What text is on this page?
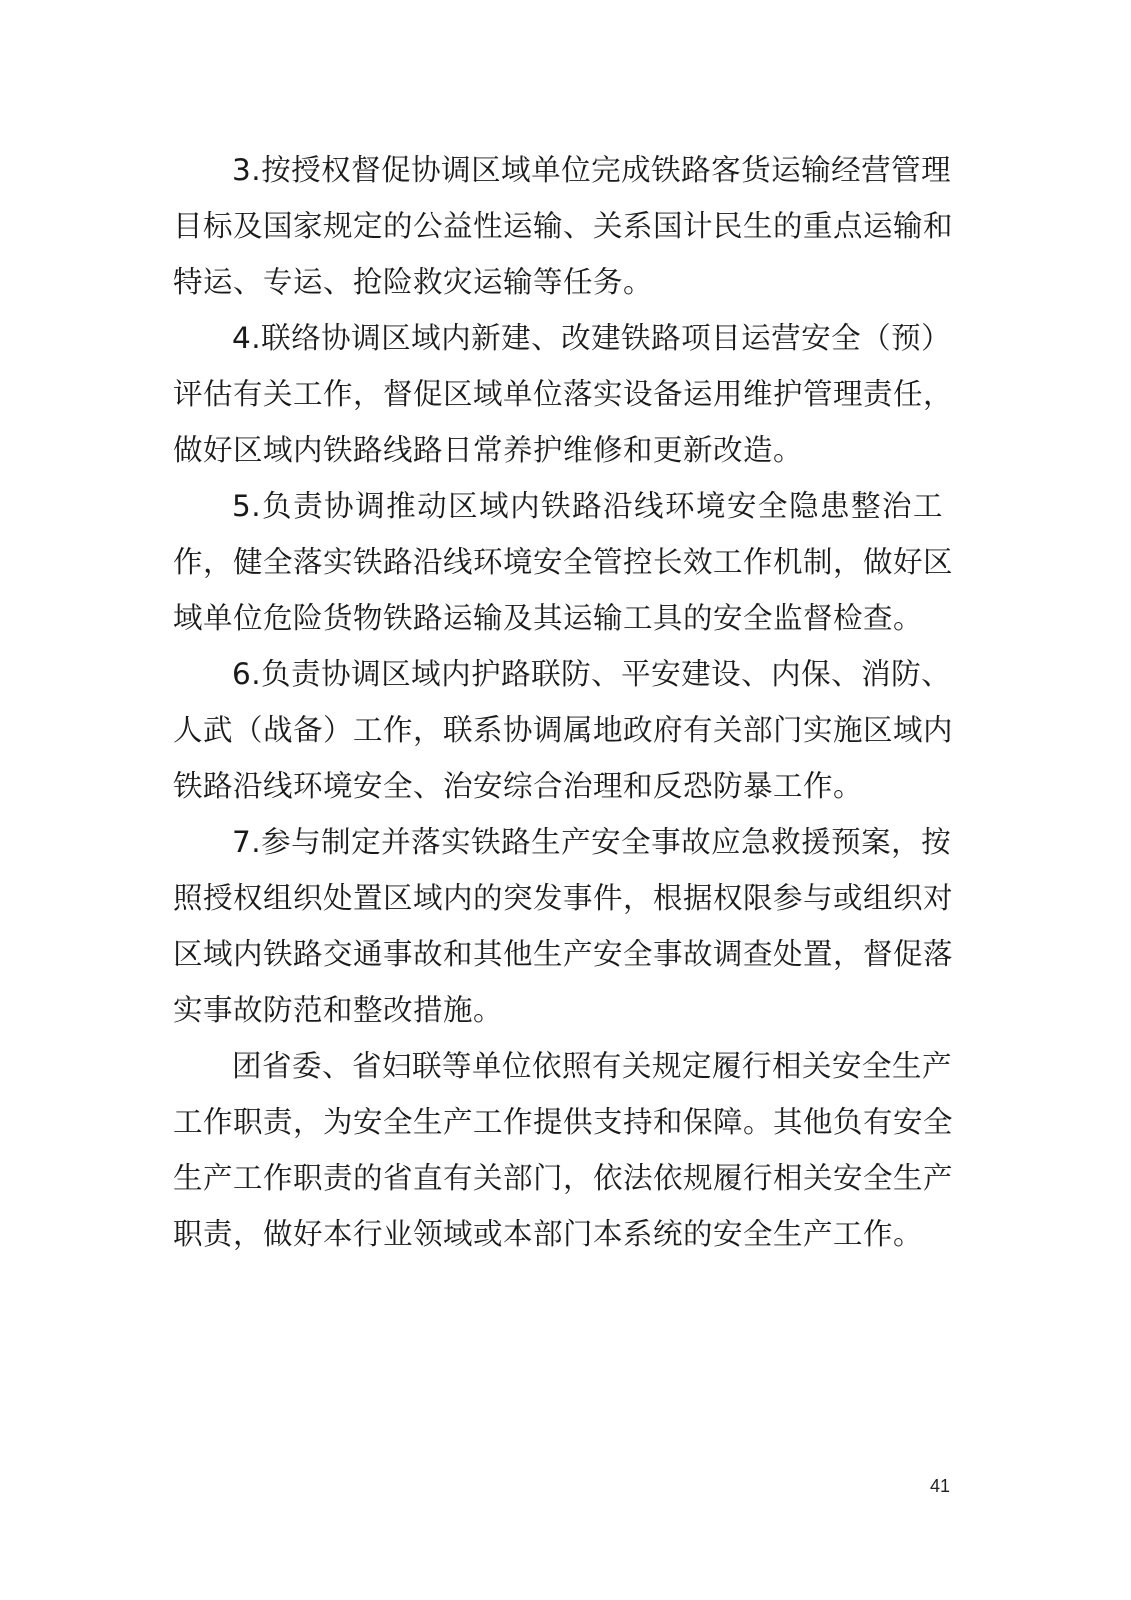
3.按授权督促协调区域单位完成铁路客货运输经营管理
目标及国家规定的公益性运输、关系国计民生的重点运输和
特运、专运、抢险救灾运输等任务。
4.联络协调区域内新建、改建铁路项目运营安全（预）
评估有关工作，督促区域单位落实设备运用维护管理责任，
做好区域内铁路线路日常养护维修和更新改造。
5.负责协调推动区域内铁路沿线环境安全隐患整治工
作，健全落实铁路沿线环境安全管控长效工作机制，做好区
域单位危险货物铁路运输及其运输工具的安全监督检查。
6.负责协调区域内护路联防、平安建设、内保、消防、
人武（战备）工作，联系协调属地政府有关部门实施区域内
铁路沿线环境安全、治安综合治理和反恐防暴工作。
7.参与制定并落实铁路生产安全事故应急救援预案，按
照授权组织处置区域内的突发事件，根据权限参与或组织对
区域内铁路交通事故和其他生产安全事故调查处置，督促落
实事故防范和整改措施。
团省委、省妇联等单位依照有关规定履行相关安全生产
工作职责，为安全生产工作提供支持和保障。其他负有安全
生产工作职责的省直有关部门，依法依规履行相关安全生产
职责，做好本行业领域或本部门本系统的安全生产工作。
41
